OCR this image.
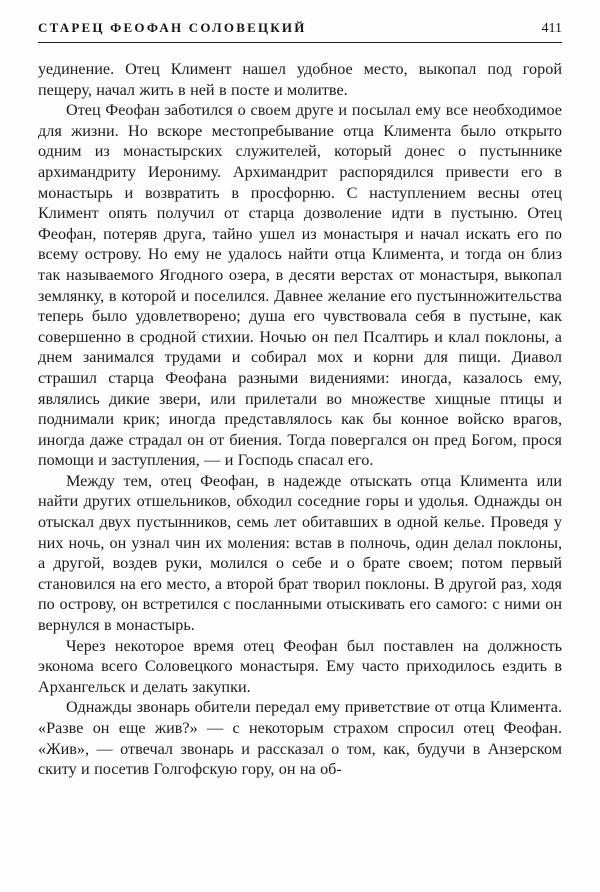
СТАРЕЦ ФЕОФАН СОЛОВЕЦКИЙ	411

уединение. Отец Климент нашел удобное место, выкопал под горой пещеру, начал жить в ней в посте и молитве.

Отец Феофан заботился о своем друге и посылал ему все необходимое для жизни. Но вскоре местопребывание отца Климента было открыто одним из монастырских служителей, который донес о пустыннике архимандриту Иерониму. Архимандрит распорядился привести его в монастырь и возвратить в просфорню. С наступлением весны отец Климент опять получил от старца дозволение идти в пустыню. Отец Феофан, потеряв друга, тайно ушел из монастыря и начал искать его по всему острову. Но ему не удалось найти отца Климента, и тогда он близ так называемого Ягодного озера, в десяти верстах от монастыря, выкопал землянку, в которой и поселился. Давнее желание его пустынножительства теперь было удовлетворено; душа его чувствовала себя в пустыне, как совершенно в сродной стихии. Ночью он пел Псалтирь и клал поклоны, а днем занимался трудами и собирал мох и корни для пищи. Диавол страшил старца Феофана разными видениями: иногда, казалось ему, являлись дикие звери, или прилетали во множестве хищные птицы и поднимали крик; иногда представлялось как бы конное войско врагов, иногда даже страдал он от биения. Тогда повергался он пред Богом, прося помощи и заступления, — и Господь спасал его.

Между тем, отец Феофан, в надежде отыскать отца Климента или найти других отшельников, обходил соседние горы и удолья. Однажды он отыскал двух пустынников, семь лет обитавших в одной келье. Проведя у них ночь, он узнал чин их моления: встав в полночь, один делал поклоны, а другой, воздев руки, молился о себе и о брате своем; потом первый становился на его место, а второй брат творил поклоны. В другой раз, ходя по острову, он встретился с посланными отыскивать его самого: с ними он вернулся в монастырь.

Через некоторое время отец Феофан был поставлен на должность эконома всего Соловецкого монастыря. Ему часто приходилось ездить в Архангельск и делать закупки.

Однажды звонарь обители передал ему приветствие от отца Климента. «Разве он еще жив?» — с некоторым страхом спросил отец Феофан. «Жив», — отвечал звонарь и рассказал о том, как, будучи в Анзерском скиту и посетив Голгофскую гору, он на об-
